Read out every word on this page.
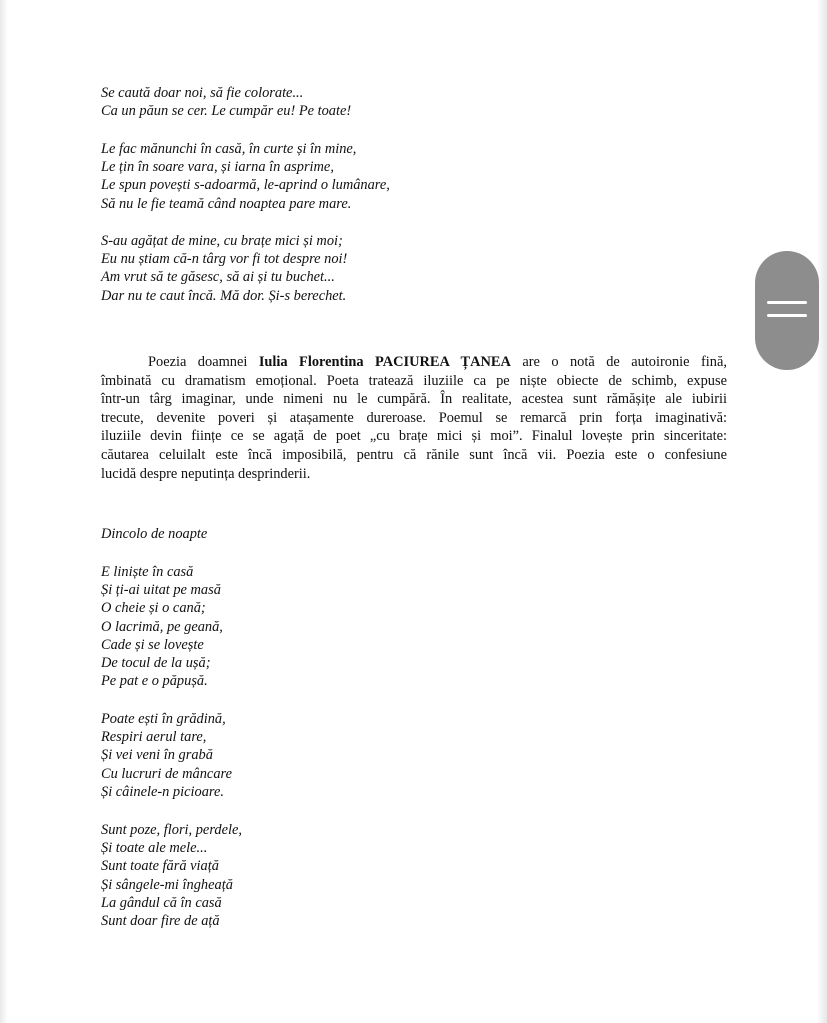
Se caută doar noi, să fie colorate...
Ca un păun se cer. Le cumpăr eu! Pe toate!
Le fac mănunchi în casă, în curte și în mine,
Le țin în soare vara, și iarna în asprime,
Le spun povești s-adoarmă, le-aprind o lumânare,
Să nu le fie teamă când noaptea pare mare.
S-au agățat de mine, cu brațe mici și moi;
Eu nu știam că-n târg vor fi tot despre noi!
Am vrut să te găsesc, să ai și tu buchet...
Dar nu te caut încă. Mă dor. Și-s berechet.
Poezia doamnei Iulia Florentina PACIUREA ȚANEA are o notă de autoironie fină,
îmbinată cu dramatism emoțional. Poeta tratează iluziile ca pe niște obiecte de schimb, expuse
într-un târg imaginar, unde nimeni nu le cumpără. În realitate, acestea sunt rămășițe ale iubirii
trecute, devenite poveri și atașamente dureroase. Poemul se remarcă prin forța imaginativă:
iluziile devin ființe ce se agață de poet „cu brațe mici și moi”. Finalul lovește prin sinceritate:
căutarea celuilalt este încă imposibilă, pentru că rănile sunt încă vii. Poezia este o confesiune
lucidă despre neputința desprinderii.
Dincolo de noapte
E liniște în casă
Și ți-ai uitat pe masă
O cheie și o cană;
O lacrimă, pe geană,
Cade și se lovește
De tocul de la ușă;
Pe pat e o păpușă.
Poate ești în grădină,
Respiri aerul tare,
Și vei veni în grabă
Cu lucruri de mâncare
Și câinele-n picioare.
Sunt poze, flori, perdele,
Și toate ale mele...
Sunt toate fără viață
Și sângele-mi îngheață
La gândul că în casă
Sunt doar fire de ață
